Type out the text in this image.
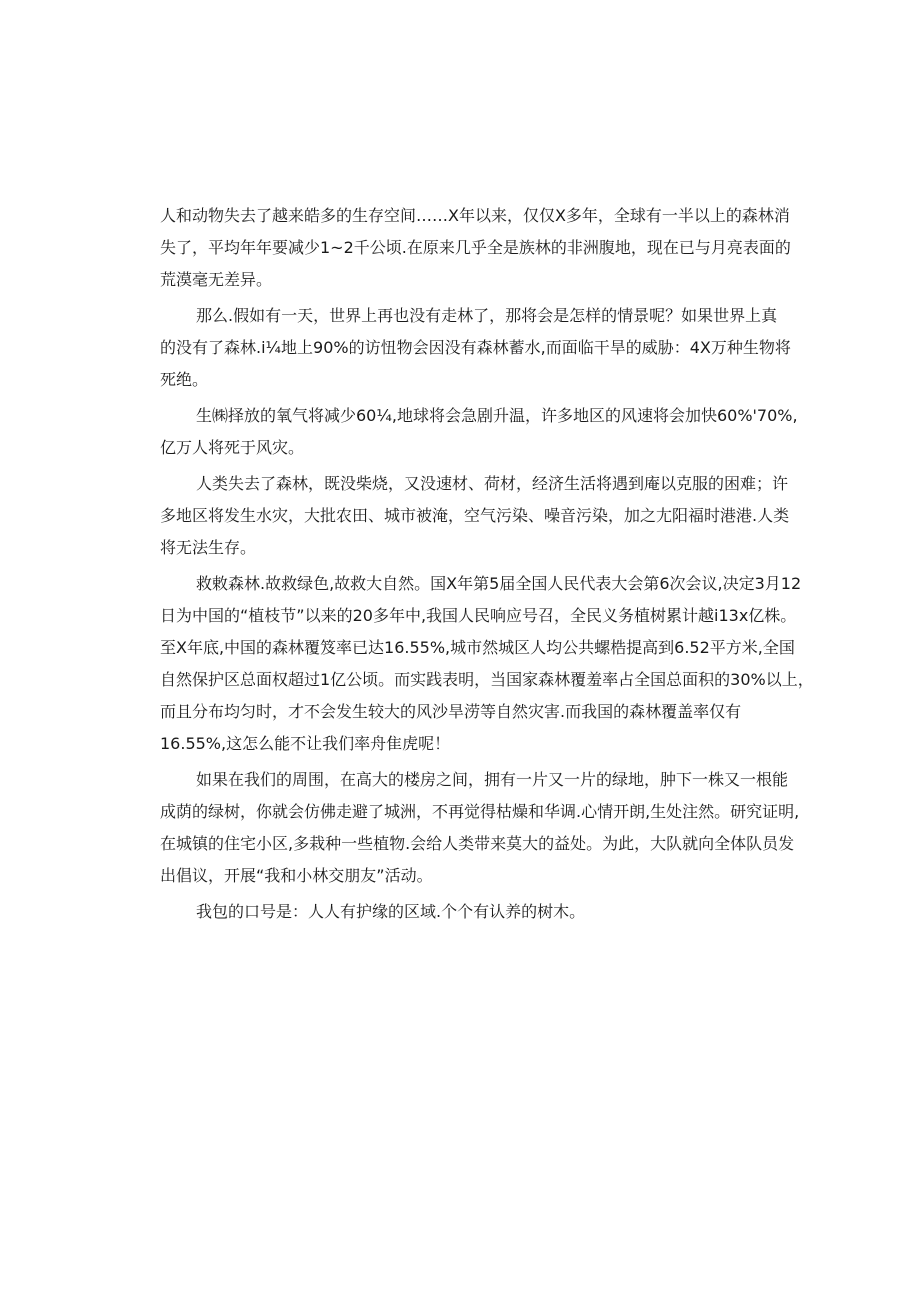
人和动物失去了越来皓多的生存空间……X年以来，仅仅X多年，全球有一半以上的森林消
失了，平均年年要减少1~2千公顷.在原来几乎全是族林的非洲腹地，现在已与月亮表面的
荒漠毫无差异。
那么.假如有一天，世界上再也没有走林了，那将会是怎样的情景呢？如果世界上真
的没有了森林.i¼地上90%的访忸物会因没有森林蓄水,而面临干旱的威胁：4X万种生物将
死绝。
生㈱择放的氧气将减少60¼,地球将会急剧升温，许多地区的风速将会加快60%'70%,
亿万人将死于风灾。
人类失去了森林，既没柴烧，又没速材、荷材，经济生活将遇到庵以克服的困难；许
多地区将发生水灾，大批农田、城市被淹，空气污染、噪音污染，加之尢阳福时港港.人类
将无法生存。
救敕森林.故救绿色,故救大自然。国X年第5届全国人民代表大会第6次会议,决定3月12
日为中国的“植枝节”以来的20多年中,我国人民响应号召，全民义务植树累计越i13x亿株。
至X年底,中国的森林覆笈率已达16.55%,城市然城区人均公共螺梏提高到6.52平方米,全国
自然保护区总面权超过1亿公顷。而实践表明，当国家森林覆羞率占全国总面积的30%以上，
而且分布均匀时，才不会发生较大的风沙旱涝等自然灾害.而我国的森林覆盖率仅有
16.55%,这怎么能不让我们率舟隹虎呢！
如果在我们的周围，在高大的楼房之间，拥有一片又一片的绿地，肿下一株又一根能
成荫的绿树，你就会仿佛走避了城洲，不再觉得枯燥和华调.心情开朗,生处注然。研究证明,
在城镇的住宅小区,多栽种一些植物.会给人类带来莫大的益处。为此，大队就向全体队员发
出倡议，开展“我和小林交朋友”活动。
我包的口号是：人人有护缘的区域.个个有认养的树木。
